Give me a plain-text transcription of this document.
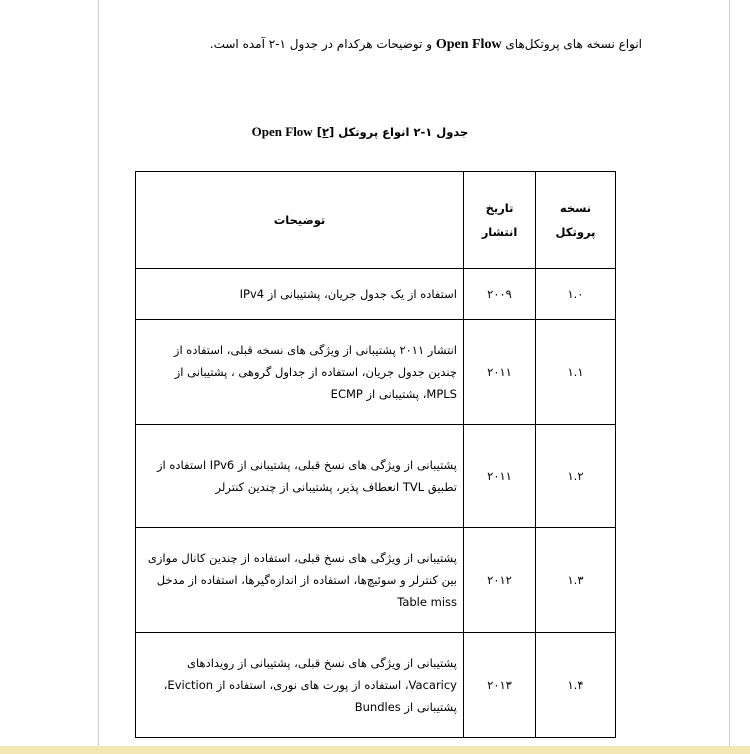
انواع نسخه های پروتکل‌های Open Flow و توضیحات هرکدام در جدول ۱-۲ آمده است.
جدول ۱-۲ انواع پروتکل Open Flow [۲]
نسخه پروتکل	تاریخ انتشار	توضیحات
۱.۰	۲۰۰۹	استفاده از یک جدول جریان، پشتیبانی از IPv4
۱.۱	۲۰۱۱	انتشار ۲۰۱۱ پشتیبانی از ویژگی های نسخه قبلی، استفاده از چندین جدول جریان، استفاده از جداول گروهی ، پشتیبانی از MPLS، پشتیبانی از ECMP
۱.۲	۲۰۱۱	پشتیبانی از ویژگی های نسخ قبلی، پشتیبانی از IPv6 استفاده از تطبیق TVL انعطاف پذیر، پشتیبانی از چندین کنترلر
۱.۳	۲۰۱۲	پشتیبانی از ویژگی های نسخ قبلی، استفاده از چندین کانال موازی بین کنترلر و سوئیچ‌ها، استفاده از اندازه‌گیرها، استفاده از مدخل Table miss
۱.۴	۲۰۱۳	پشتیبانی از ویژگی های نسخ قبلی، پشتیبانی از رویدادهای Vacaricy، استفاده از پورت های نوری، استفاده از Eviction، پشتیبانی از Bundles
